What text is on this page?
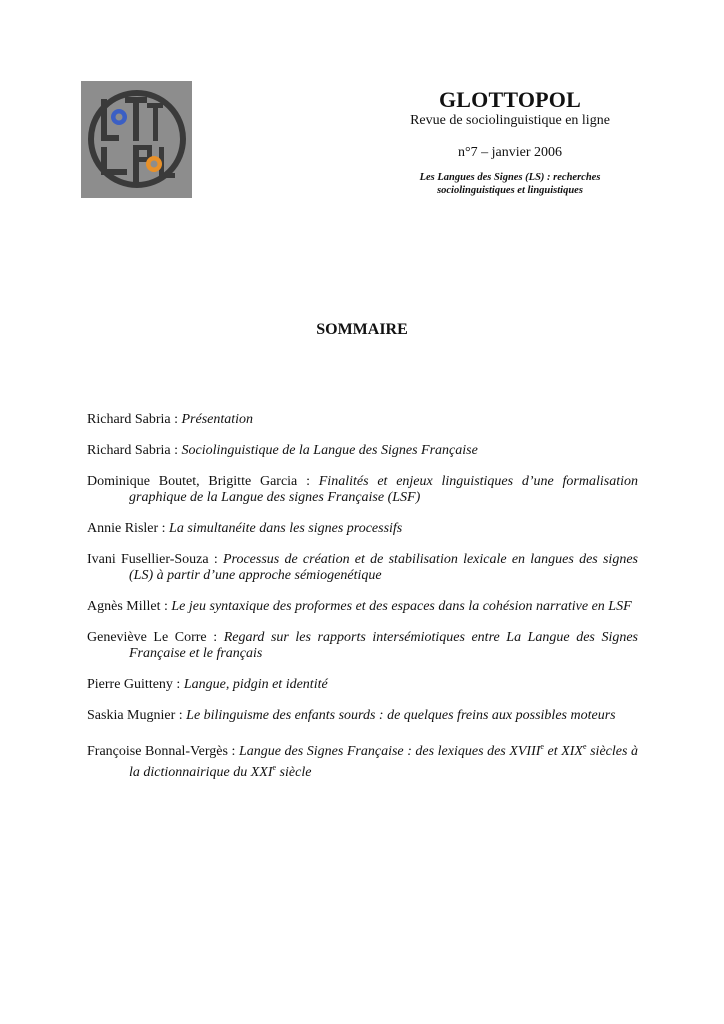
GLOTTOPOL
Revue de sociolinguistique en ligne
n°7 – janvier 2006
Les Langues des Signes (LS) : recherches
sociolinguistiques et linguistiques
SOMMAIRE
Richard Sabria : Présentation
Richard Sabria : Sociolinguistique de la Langue des Signes Française
Dominique Boutet, Brigitte Garcia : Finalités et enjeux linguistiques d’une formalisation graphique de la Langue des signes Française (LSF)
Annie Risler : La simultanéite dans les signes processifs
Ivani Fusellier-Souza : Processus de création et de stabilisation lexicale en langues des signes (LS) à partir d’une approche sémiogenétique
Agnès Millet : Le jeu syntaxique des proformes et des espaces dans la cohésion narrative en LSF
Geneviève Le Corre : Regard sur les rapports intersémiotiques entre La Langue des Signes Française et le français
Pierre Guitteny : Langue, pidgin et identité
Saskia Mugnier : Le bilinguisme des enfants sourds : de quelques freins aux possibles moteurs
Françoise Bonnal-Vergès : Langue des Signes Française : des lexiques des XVIIIe et XIXe siècles à la dictionnairique du XXIe siècle
